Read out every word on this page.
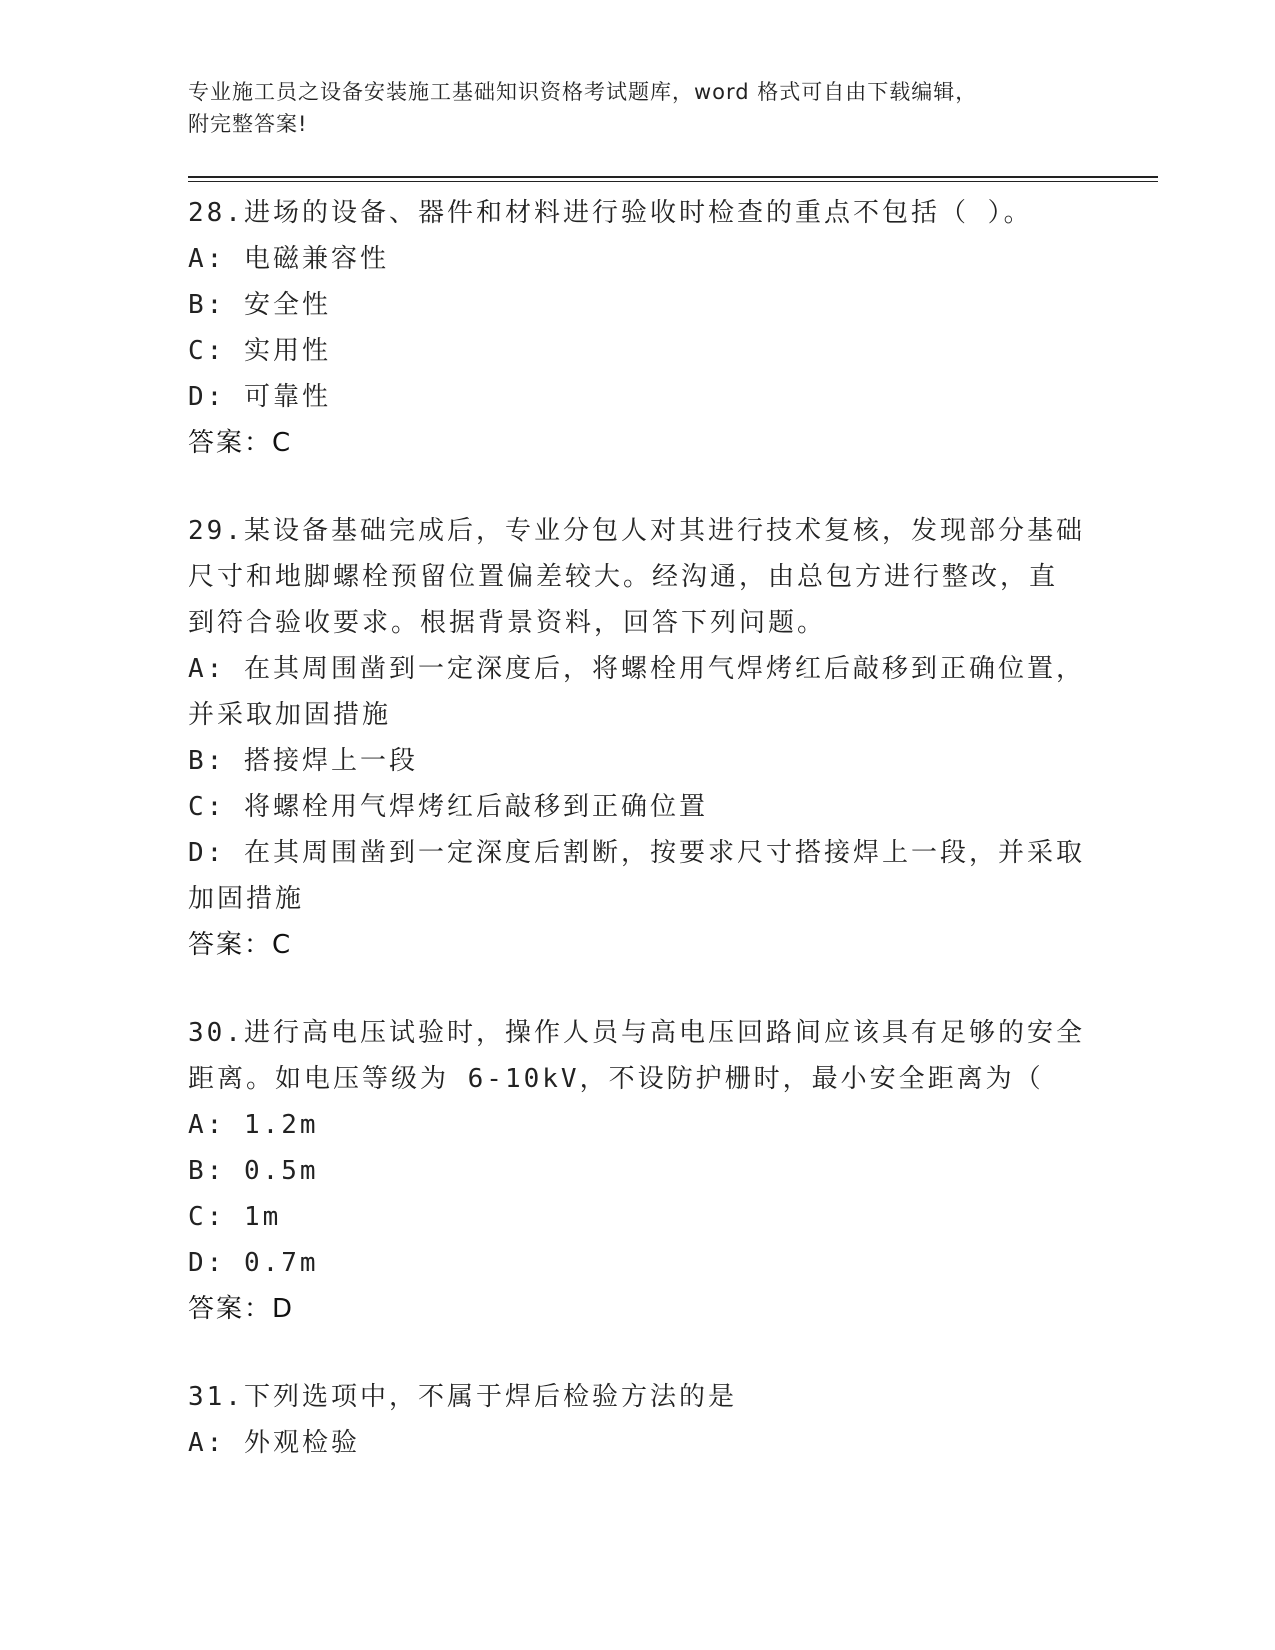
专业施工员之设备安装施工基础知识资格考试题库，word 格式可自由下载编辑，
附完整答案!
28.进场的设备、器件和材料进行验收时检查的重点不包括（ ）。
A: 电磁兼容性
B: 安全性
C: 实用性
D: 可靠性
答案：C
29.某设备基础完成后，专业分包人对其进行技术复核，发现部分基础
尺寸和地脚螺栓预留位置偏差较大。经沟通，由总包方进行整改，直
到符合验收要求。根据背景资料，回答下列问题。
A: 在其周围凿到一定深度后，将螺栓用气焊烤红后敲移到正确位置，
并采取加固措施
B: 搭接焊上一段
C: 将螺栓用气焊烤红后敲移到正确位置
D: 在其周围凿到一定深度后割断，按要求尺寸搭接焊上一段，并采取
加固措施
答案：C
30.进行高电压试验时，操作人员与高电压回路间应该具有足够的安全
距离。如电压等级为 6-10kV，不设防护栅时，最小安全距离为（
A: 1.2m
B: 0.5m
C: 1m
D: 0.7m
答案：D
31.下列选项中，不属于焊后检验方法的是
A: 外观检验
